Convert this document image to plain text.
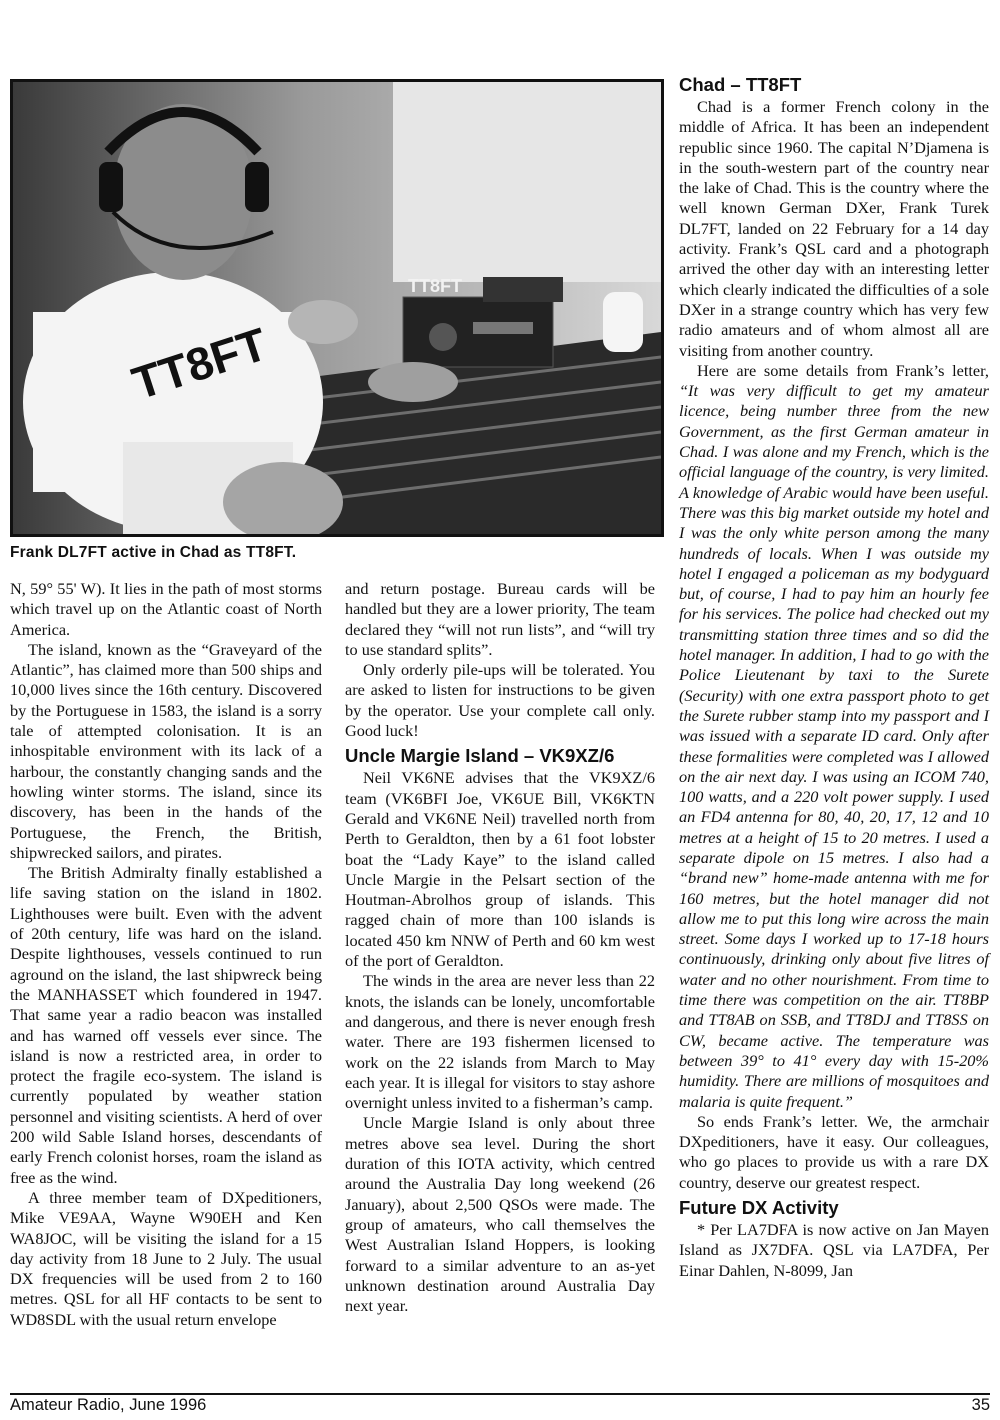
TT8FT
TT8FT
Frank DL7FT active in Chad as TT8FT.

N, 59° 55' W). It lies in the path of most storms which travel up on the Atlantic coast of North America.

The island, known as the “Graveyard of the Atlantic”, has claimed more than 500 ships and 10,000 lives since the 16th century. Discovered by the Portuguese in 1583, the island is a sorry tale of attempted colonisation. It is an inhospitable environment with its lack of a harbour, the constantly changing sands and the howling winter storms. The island, since its discovery, has been in the hands of the Portuguese, the French, the British, shipwrecked sailors, and pirates.

The British Admiralty finally established a life saving station on the island in 1802. Lighthouses were built. Even with the advent of 20th century, life was hard on the island. Despite lighthouses, vessels continued to run aground on the island, the last shipwreck being the MANHASSET which foundered in 1947. That same year a radio beacon was installed and has warned off vessels ever since. The island is now a restricted area, in order to protect the fragile eco-system. The island is currently populated by weather station personnel and visiting scientists. A herd of over 200 wild Sable Island horses, descendants of early French colonist horses, roam the island as free as the wind.

A three member team of DXpeditioners, Mike VE9AA, Wayne W90EH and Ken WA8JOC, will be visiting the island for a 15 day activity from 18 June to 2 July. The usual DX frequencies will be used from 2 to 160 metres. QSL for all HF contacts to be sent to WD8SDL with the usual return envelope

and return postage. Bureau cards will be handled but they are a lower priority, The team declared they “will not run lists”, and “will try to use standard splits”.

Only orderly pile-ups will be tolerated. You are asked to listen for instructions to be given by the operator. Use your complete call only. Good luck!

Uncle Margie Island – VK9XZ/6

Neil VK6NE advises that the VK9XZ/6 team (VK6BFI Joe, VK6UE Bill, VK6KTN Gerald and VK6NE Neil) travelled north from Perth to Geraldton, then by a 61 foot lobster boat the “Lady Kaye” to the island called Uncle Margie in the Pelsart section of the Houtman-Abrolhos group of islands. This ragged chain of more than 100 islands is located 450 km NNW of Perth and 60 km west of the port of Geraldton.

The winds in the area are never less than 22 knots, the islands can be lonely, uncomfortable and dangerous, and there is never enough fresh water. There are 193 fishermen licensed to work on the 22 islands from March to May each year. It is illegal for visitors to stay ashore overnight unless invited to a fisherman’s camp.

Uncle Margie Island is only about three metres above sea level. During the short duration of this IOTA activity, which centred around the Australia Day long weekend (26 January), about 2,500 QSOs were made. The group of amateurs, who call themselves the West Australian Island Hoppers, is looking forward to a similar adventure to an as-yet unknown destination around Australia Day next year.

Chad – TT8FT

Chad is a former French colony in the middle of Africa. It has been an independent republic since 1960. The capital N’Djamena is in the south-western part of the country near the lake of Chad. This is the country where the well known German DXer, Frank Turek DL7FT, landed on 22 February for a 14 day activity. Frank’s QSL card and a photograph arrived the other day with an interesting letter which clearly indicated the difficulties of a sole DXer in a strange country which has very few radio amateurs and of whom almost all are visiting from another country.

Here are some details from Frank’s letter, “It was very difficult to get my amateur licence, being number three from the new Government, as the first German amateur in Chad. I was alone and my French, which is the official language of the country, is very limited. A knowledge of Arabic would have been useful. There was this big market outside my hotel and I was the only white person among the many hundreds of locals. When I was outside my hotel I engaged a policeman as my bodyguard but, of course, I had to pay him an hourly fee for his services. The police had checked out my transmitting station three times and so did the hotel manager. In addition, I had to go with the Police Lieutenant by taxi to the Surete (Security) with one extra passport photo to get the Surete rubber stamp into my passport and I was issued with a separate ID card. Only after these formalities were completed was I allowed on the air next day. I was using an ICOM 740, 100 watts, and a 220 volt power supply. I used an FD4 antenna for 80, 40, 20, 17, 12 and 10 metres at a height of 15 to 20 metres. I used a separate dipole on 15 metres. I also had a “brand new” home-made antenna with me for 160 metres, but the hotel manager did not allow me to put this long wire across the main street. Some days I worked up to 17-18 hours continuously, drinking only about five litres of water and no other nourishment. From time to time there was competition on the air. TT8BP and TT8AB on SSB, and TT8DJ and TT8SS on CW, became active. The temperature was between 39° to 41° every day with 15-20% humidity. There are millions of mosquitoes and malaria is quite frequent.”

So ends Frank’s letter. We, the armchair DXpeditioners, have it easy. Our colleagues, who go places to provide us with a rare DX country, deserve our greatest respect.

Future DX Activity

* Per LA7DFA is now active on Jan Mayen Island as JX7DFA. QSL via LA7DFA, Per Einar Dahlen, N-8099, Jan

Amateur Radio, June 1996	35
